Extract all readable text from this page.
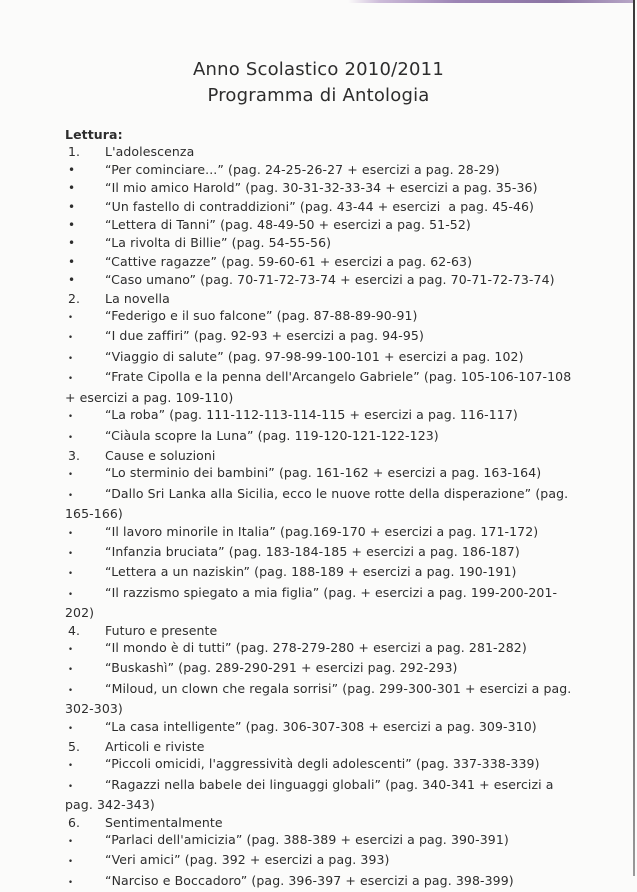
Anno Scolastico 2010/2011
Programma di Antologia
Lettura:
1. L'adolescenza
• “Per cominciare...” (pag. 24-25-26-27 + esercizi a pag. 28-29)
• “Il mio amico Harold” (pag. 30-31-32-33-34 + esercizi a pag. 35-36)
• “Un fastello di contraddizioni” (pag. 43-44 + esercizi  a pag. 45-46)
• “Lettera di Tanni” (pag. 48-49-50 + esercizi a pag. 51-52)
• “La rivolta di Billie” (pag. 54-55-56)
• “Cattive ragazze” (pag. 59-60-61 + esercizi a pag. 62-63)
• “Caso umano” (pag. 70-71-72-73-74 + esercizi a pag. 70-71-72-73-74)
2. La novella
•	“Federigo e il suo falcone” (pag. 87-88-89-90-91)
•	“I due zaffiri” (pag. 92-93 + esercizi a pag. 94-95)
•	“Viaggio di salute” (pag. 97-98-99-100-101 + esercizi a pag. 102)
•	“Frate Cipolla e la penna dell'Arcangelo Gabriele” (pag. 105-106-107-108 + esercizi a pag. 109-110)
•	“La roba” (pag. 111-112-113-114-115 + esercizi a pag. 116-117)
•	“Ciàula scopre la Luna” (pag. 119-120-121-122-123)
3. Cause e soluzioni
•	“Lo sterminio dei bambini” (pag. 161-162 + esercizi a pag. 163-164)
•	“Dallo Sri Lanka alla Sicilia, ecco le nuove rotte della disperazione” (pag. 165-166)
•	“Il lavoro minorile in Italia” (pag.169-170 + esercizi a pag. 171-172)
•	“Infanzia bruciata” (pag. 183-184-185 + esercizi a pag. 186-187)
•	“Lettera a un naziskin” (pag. 188-189 + esercizi a pag. 190-191)
•	“Il razzismo spiegato a mia figlia” (pag. + esercizi a pag. 199-200-201-202)
4. Futuro e presente
•	“Il mondo è di tutti” (pag. 278-279-280 + esercizi a pag. 281-282)
•	“Buskashì” (pag. 289-290-291 + esercizi pag. 292-293)
•	“Miloud, un clown che regala sorrisi” (pag. 299-300-301 + esercizi a pag. 302-303)
•	“La casa intelligente” (pag. 306-307-308 + esercizi a pag. 309-310)
5. Articoli e riviste
•	“Piccoli omicidi, l'aggressività degli adolescenti” (pag. 337-338-339)
•	“Ragazzi nella babele dei linguaggi globali” (pag. 340-341 + esercizi a pag. 342-343)
6. Sentimentalmente
•	“Parlaci dell'amicizia” (pag. 388-389 + esercizi a pag. 390-391)
•	“Veri amici” (pag. 392 + esercizi a pag. 393)
•	“Narciso e Boccadoro” (pag. 396-397 + esercizi a pag. 398-399)
